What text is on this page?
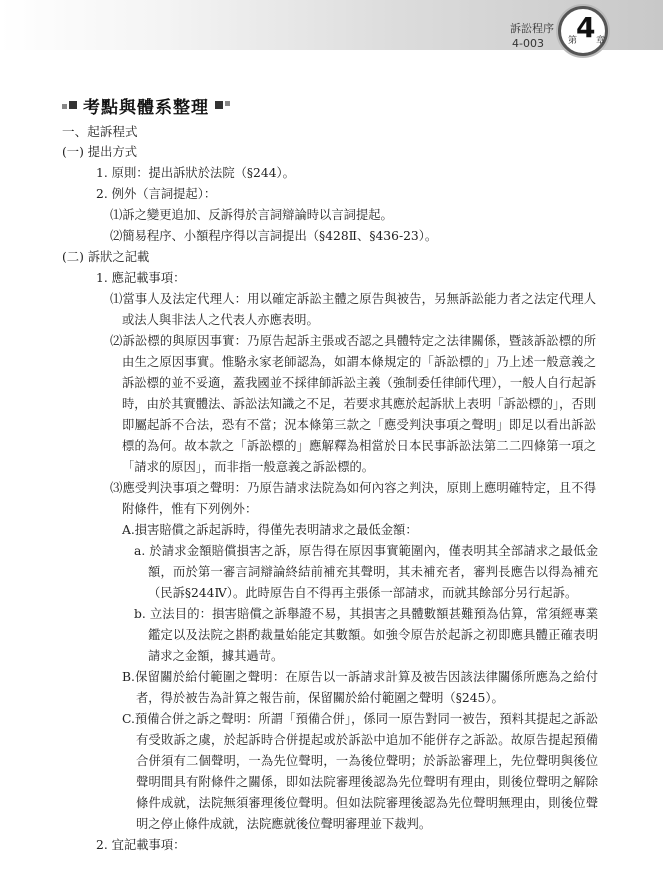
訴訟程序
4-003	第
4 章
考點與體系整理
一、起訴程式
(一) 提出方式
1. 原則：提出訴狀於法院（§244）。
2. 例外（言詞提起）：
⑴訴之變更追加、反訴得於言詞辯論時以言詞提起。
⑵簡易程序、小額程序得以言詞提出（§428Ⅱ、§436-23）。
(二) 訴狀之記載
1. 應記載事項：
⑴當事人及法定代理人：用以確定訴訟主體之原告與被告，另無訴訟能力者之法定代理人或法人與非法人之代表人亦應表明。
⑵訴訟標的與原因事實：乃原告起訴主張或否認之具體特定之法律關係，暨該訴訟標的所由生之原因事實。惟駱永家老師認為，如謂本條規定的「訴訟標的」乃上述一般意義之訴訟標的並不妥適，蓋我國並不採律師訴訟主義（強制委任律師代理），一般人自行起訴時，由於其實體法、訴訟法知識之不足，若要求其應於起訴狀上表明「訴訟標的」，否則即屬起訴不合法，恐有不當；況本條第三款之「應受判決事項之聲明」即足以看出訴訟標的為何。故本款之「訴訟標的」應解釋為相當於日本民事訴訟法第二二四條第一項之「請求的原因」，而非指一般意義之訴訟標的。
⑶應受判決事項之聲明：乃原告請求法院為如何內容之判決，原則上應明確特定，且不得附條件，惟有下列例外：
A.損害賠償之訴起訴時，得僅先表明請求之最低金額：
a. 於請求金額賠償損害之訴，原告得在原因事實範圍內，僅表明其全部請求之最低金額，而於第一審言詞辯論終結前補充其聲明，其未補充者，審判長應告以得為補充（民訴§244Ⅳ）。此時原告自不得再主張係一部請求，而就其餘部分另行起訴。
b. 立法目的：損害賠償之訴舉證不易，其損害之具體數額甚難預為估算，常須經專業鑑定以及法院之斟酌裁量始能定其數額。如強令原告於起訴之初即應具體正確表明請求之金額，據其過苛。
B.保留關於給付範圍之聲明：在原告以一訴請求計算及被告因該法律關係所應為之給付者，得於被告為計算之報告前，保留關於給付範圍之聲明（§245）。
C.預備合併之訴之聲明：所謂「預備合併」，係同一原告對同一被告，預料其提起之訴訟有受敗訴之虞，於起訴時合併提起或於訴訟中追加不能併存之訴訟。故原告提起預備合併須有二個聲明，一為先位聲明，一為後位聲明；於訴訟審理上，先位聲明與後位聲明間具有附條件之關係，即如法院審理後認為先位聲明有理由，則後位聲明之解除條件成就，法院無須審理後位聲明。但如法院審理後認為先位聲明無理由，則後位聲明之停止條件成就，法院應就後位聲明審理並下裁判。
2. 宜記載事項：
